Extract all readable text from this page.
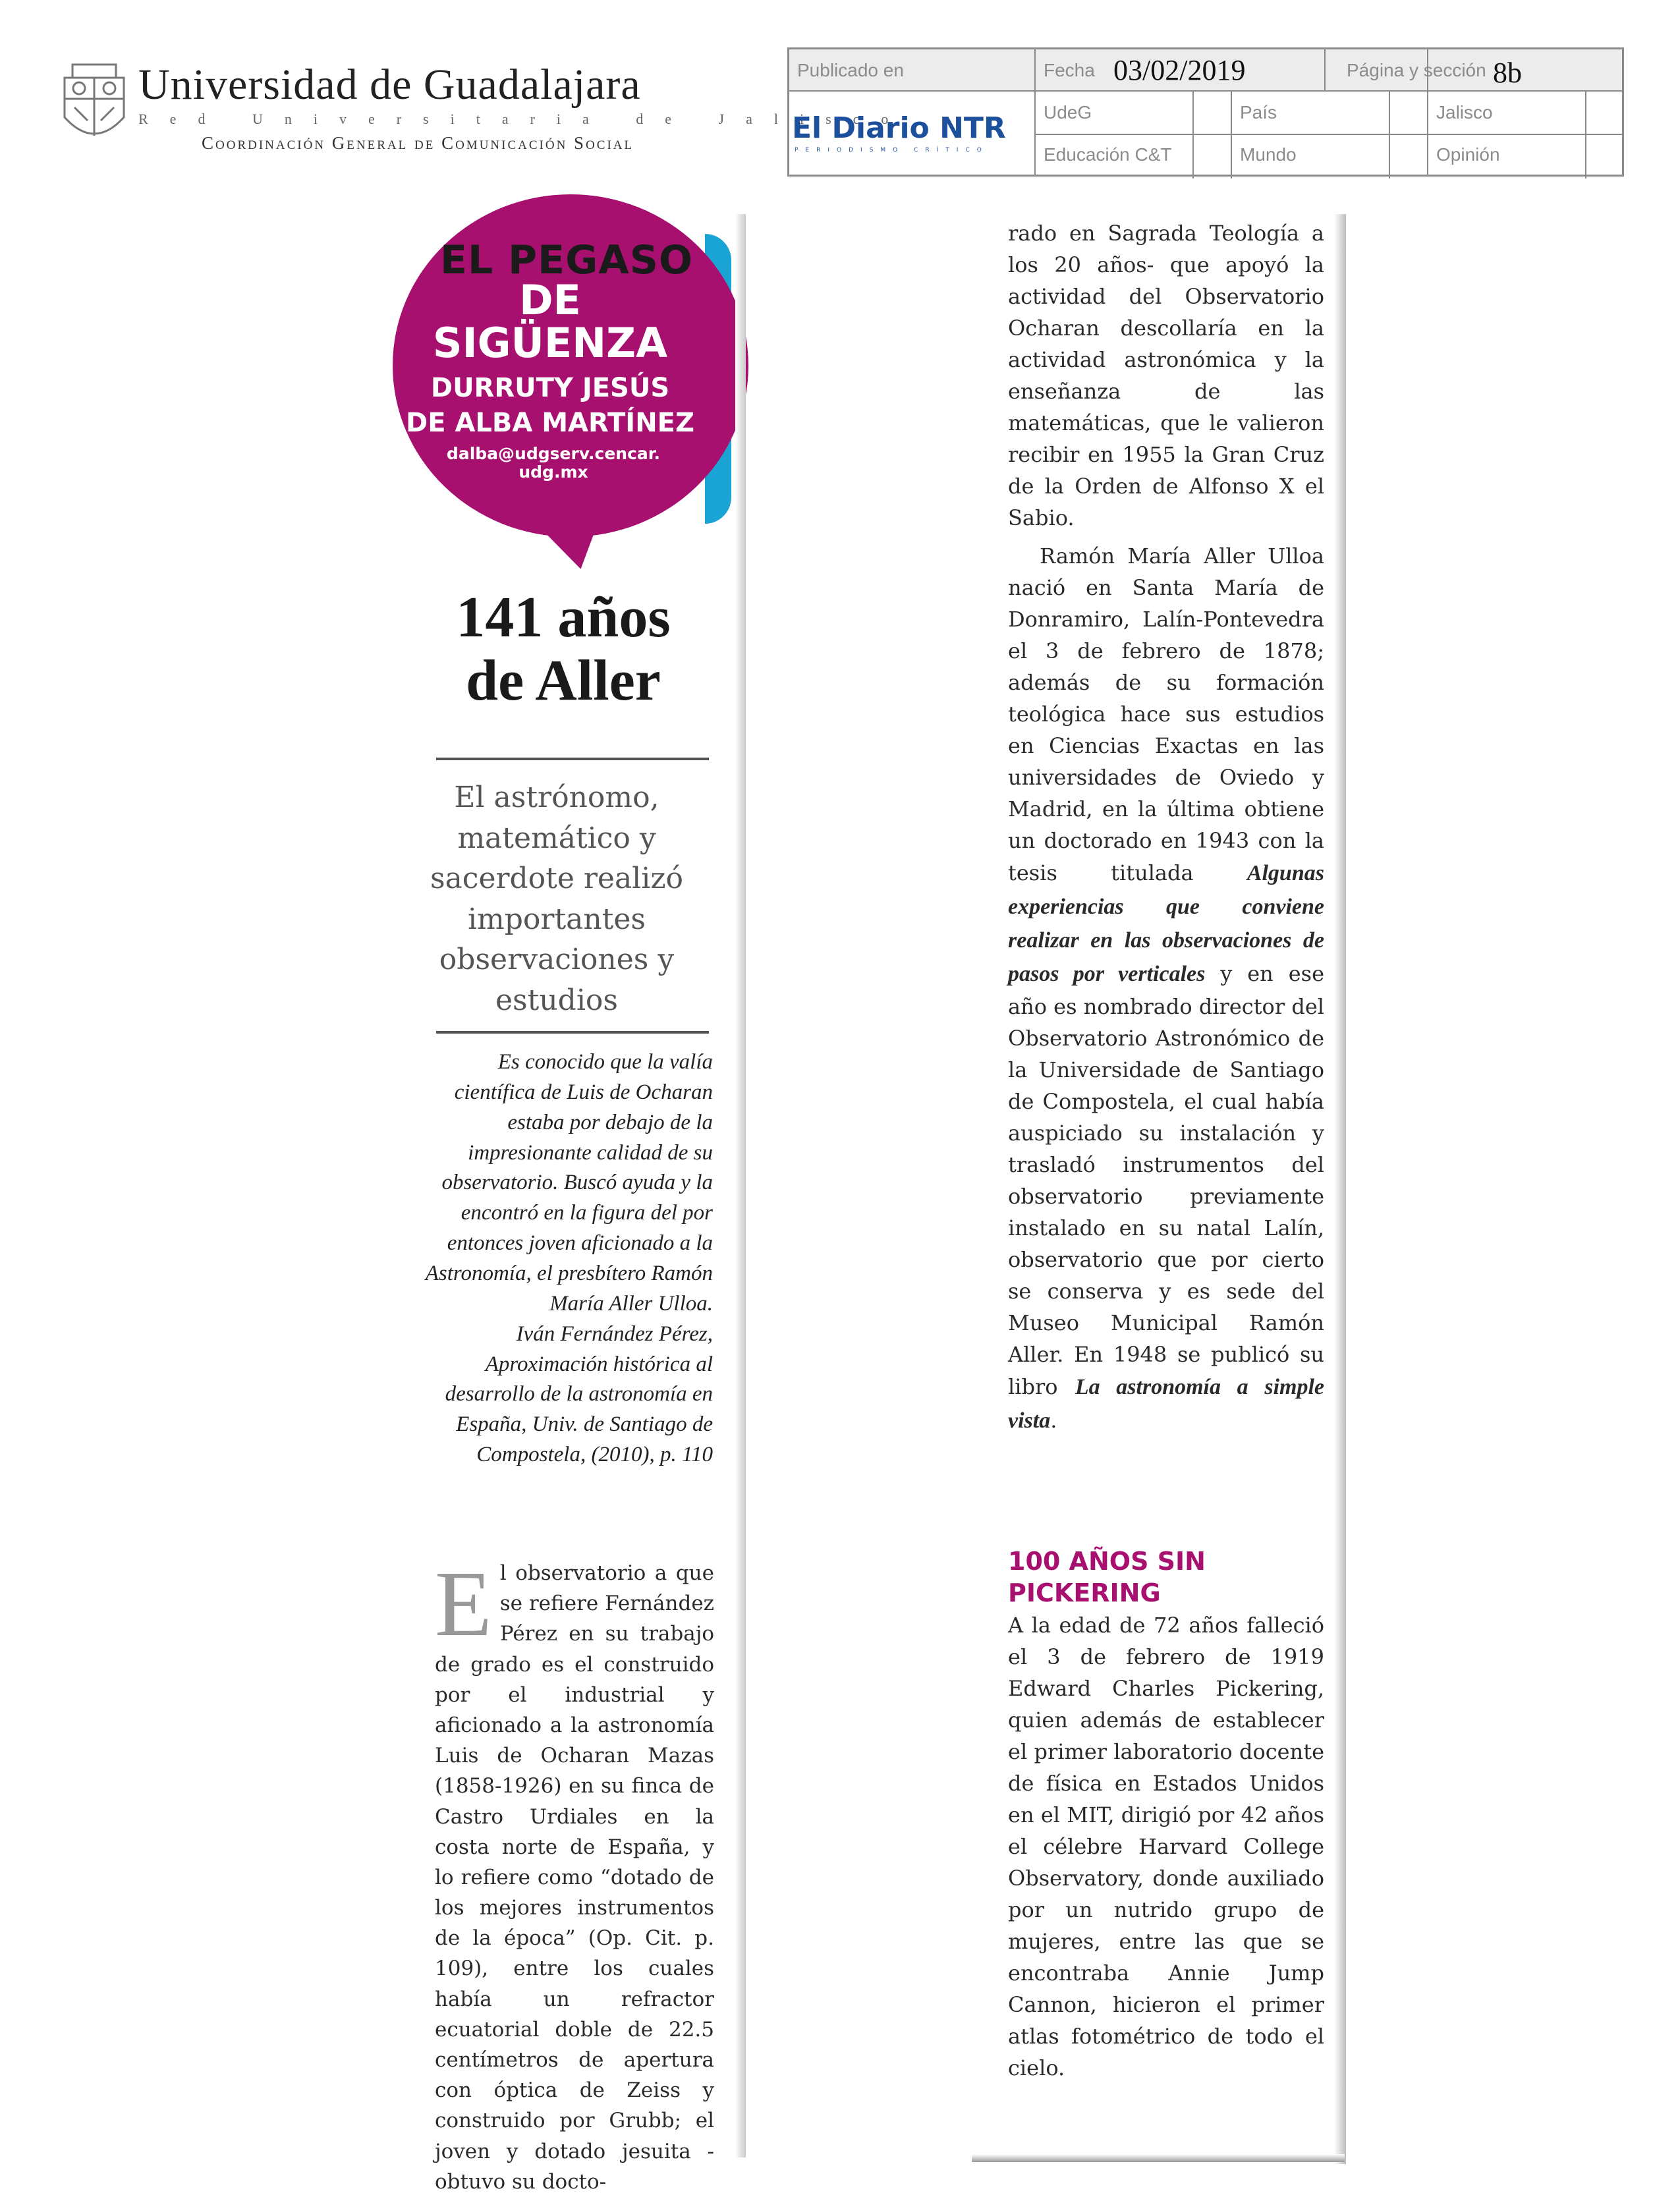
Universidad de Guadalajara
Red Universitaria de Jalisco
Coordinación General de Comunicación Social
Publicado en	Fecha 03/02/2019	Página y sección 8b
El Diario NTR
PERIODISMO CRÍTICO
UdeG	País	Jalisco
Educación C&T	Mundo	Opinión
EL PEGASO
DE
SIGÜENZA
DURRUTY JESÚS
DE ALBA MARTÍNEZ
dalba@udgserv.cencar.
udg.mx
141 años
de Aller
El astrónomo, matemático y sacerdote realizó importantes observaciones y estudios
Es conocido que la valía científica de Luis de Ocharan estaba por debajo de la impresionante calidad de su observatorio. Buscó ayuda y la encontró en la figura del por entonces joven aficionado a la Astronomía, el presbítero Ramón María Aller Ulloa.
Iván Fernández Pérez, Aproximación histórica al desarrollo de la astronomía en España, Univ. de Santiago de Compostela, (2010), p. 110
El observatorio a que se refiere Fernández Pérez en su trabajo de grado es el construido por el industrial y aficionado a la astronomía Luis de Ocharan Mazas (1858-1926) en su finca de Castro Urdiales en la costa norte de España, y lo refiere como “dotado de los mejores instrumentos de la época” (Op. Cit. p. 109), entre los cuales había un refractor ecuatorial doble de 22.5 centímetros de apertura con óptica de Zeiss y construido por Grubb; el joven y dotado jesuita -obtuvo su docto-
rado en Sagrada Teología a los 20 años- que apoyó la actividad del Observatorio Ocharan descollaría en la actividad astronómica y la enseñanza de las matemáticas, que le valieron recibir en 1955 la Gran Cruz de la Orden de Alfonso X el Sabio.
Ramón María Aller Ulloa nació en Santa María de Donramiro, Lalín-Pontevedra el 3 de febrero de 1878; además de su formación teológica hace sus estudios en Ciencias Exactas en las universidades de Oviedo y Madrid, en la última obtiene un doctorado en 1943 con la tesis titulada Algunas experiencias que conviene realizar en las observaciones de pasos por verticales y en ese año es nombrado director del Observatorio Astronómico de la Universidade de Santiago de Compostela, el cual había auspiciado su instalación y trasladó instrumentos del observatorio previamente instalado en su natal Lalín, observatorio que por cierto se conserva y es sede del Museo Municipal Ramón Aller. En 1948 se publicó su libro La astronomía a simple vista.
100 AÑOS SIN PICKERING
A la edad de 72 años falleció el 3 de febrero de 1919 Edward Charles Pickering, quien además de establecer el primer laboratorio docente de física en Estados Unidos en el MIT, dirigió por 42 años el célebre Harvard College Observatory, donde auxiliado por un nutrido grupo de mujeres, entre las que se encontraba Annie Jump Cannon, hicieron el primer atlas fotométrico de todo el cielo.
